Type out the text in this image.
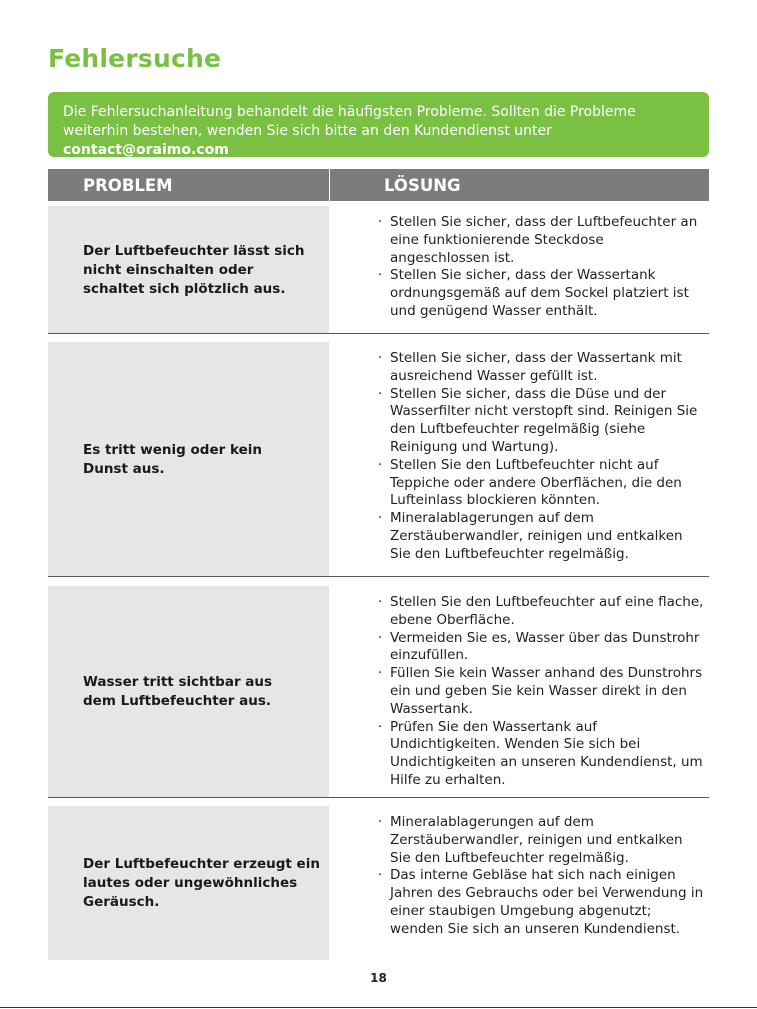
Fehlersuche
Die Fehlersuchanleitung behandelt die häufigsten Probleme. Sollten die Probleme weiterhin bestehen, wenden Sie sich bitte an den Kundendienst unter contact@oraimo.com
PROBLEM	LÖSUNG
Der Luftbefeuchter lässt sich nicht einschalten oder schaltet sich plötzlich aus.
· Stellen Sie sicher, dass der Luftbefeuchter an eine funktionierende Steckdose angeschlossen ist.
· Stellen Sie sicher, dass der Wassertank ordnungsgemäß auf dem Sockel platziert ist und genügend Wasser enthält.
Es tritt wenig oder kein Dunst aus.
· Stellen Sie sicher, dass der Wassertank mit ausreichend Wasser gefüllt ist.
· Stellen Sie sicher, dass die Düse und der Wasserfilter nicht verstopft sind. Reinigen Sie den Luftbefeuchter regelmäßig (siehe Reinigung und Wartung).
· Stellen Sie den Luftbefeuchter nicht auf Teppiche oder andere Oberflächen, die den Lufteinlass blockieren könnten.
· Mineralablagerungen auf dem Zerstäuberwandler, reinigen und entkalken Sie den Luftbefeuchter regelmäßig.
Wasser tritt sichtbar aus dem Luftbefeuchter aus.
· Stellen Sie den Luftbefeuchter auf eine flache, ebene Oberfläche.
· Vermeiden Sie es, Wasser über das Dunstrohr einzufüllen.
· Füllen Sie kein Wasser anhand des Dunstrohrs ein und geben Sie kein Wasser direkt in den Wassertank.
· Prüfen Sie den Wassertank auf Undichtigkeiten. Wenden Sie sich bei Undichtigkeiten an unseren Kundendienst, um Hilfe zu erhalten.
Der Luftbefeuchter erzeugt ein lautes oder ungewöhnliches Geräusch.
· Mineralablagerungen auf dem Zerstäuberwandler, reinigen und entkalken Sie den Luftbefeuchter regelmäßig.
· Das interne Gebläse hat sich nach einigen Jahren des Gebrauchs oder bei Verwendung in einer staubigen Umgebung abgenutzt; wenden Sie sich an unseren Kundendienst.
18
